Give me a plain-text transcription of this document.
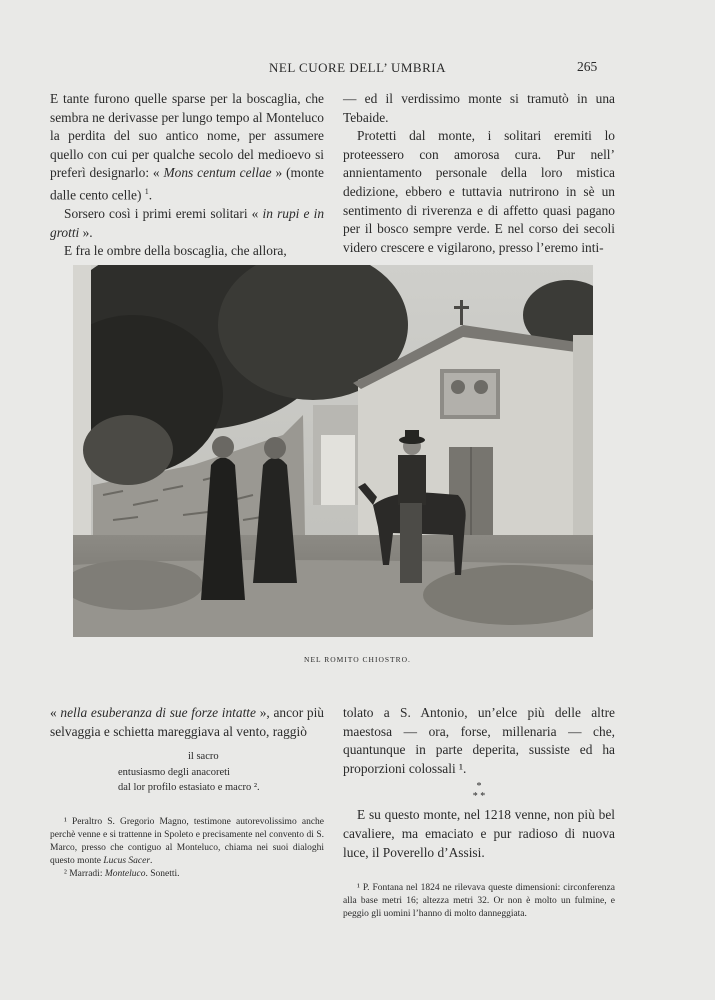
NEL CUORE DELL’ UMBRIA	265

E tante furono quelle sparse per la boscaglia, che sembra ne derivasse per lungo tempo al Monteluco la perdita del suo antico nome, per assumere quello con cui per qualche secolo del medioevo si preferì designarlo: « Mons centum cellae » (monte dalle cento celle) $^1$.

Sorsero così i primi eremi solitari « in rupi e in grotti ».

E fra le ombre della boscaglia, che allora,

— ed il verdissimo monte si tramutò in una Tebaide.

Protetti dal monte, i solitari eremiti lo proteessero con amorosa cura. Pur nell’ annientamento personale della loro mistica dedizione, ebbero e tuttavia nutrirono in sè un sentimento di riverenza e di affetto quasi pagano per il bosco sempre verde. E nel corso dei secoli videro crescere e vigilarono, presso l’eremo inti-

NEL ROMITO CHIOSTRO.

« nella esuberanza di sue forze intatte », ancor più selvaggia e schietta mareggiava al vento, raggiò

il sacro
entusiasmo degli anacoreti
dal lor profilo estasiato e macro ².

¹ Peraltro S. Gregorio Magno, testimone autorevolissimo anche perchè venne e si trattenne in Spoleto e precisamente nel convento di S. Marco, presso che contiguo al Monteluco, chiama nei suoi dialoghi questo monte Lucus Sacer.

² Marradi: Monteluco. Sonetti.

tolato a S. Antonio, un’elce più delle altre maestosa — ora, forse, millenaria — che, quantunque in parte deperita, sussiste ed ha proporzioni colossali ¹.

*
* *

E su questo monte, nel 1218 venne, non più bel cavaliere, ma emaciato e pur radioso di nuova luce, il Poverello d’Assisi.

¹ P. Fontana nel 1824 ne rilevava queste dimensioni: circonferenza alla base metri 16; altezza metri 32. Or non è molto un fulmine, e peggio gli uomini l’hanno di molto danneggiata.
